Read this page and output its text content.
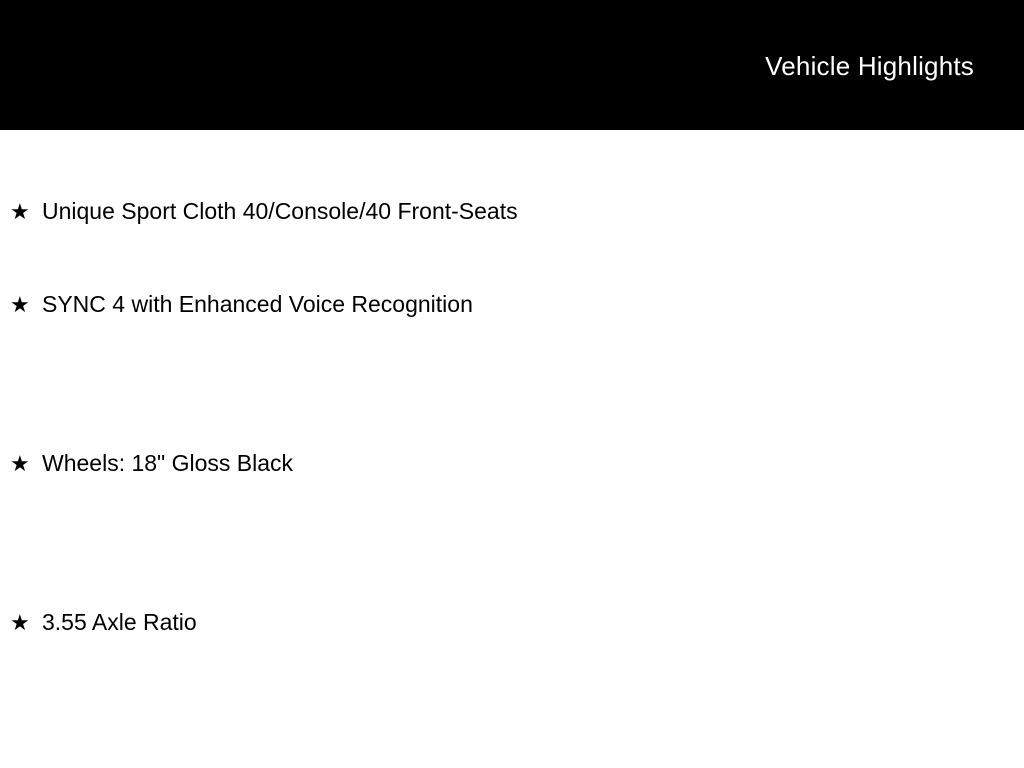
Vehicle Highlights
★ Unique Sport Cloth 40/Console/40 Front-Seats
★ SYNC 4 with Enhanced Voice Recognition
★ Wheels: 18" Gloss Black
★ 3.55 Axle Ratio
